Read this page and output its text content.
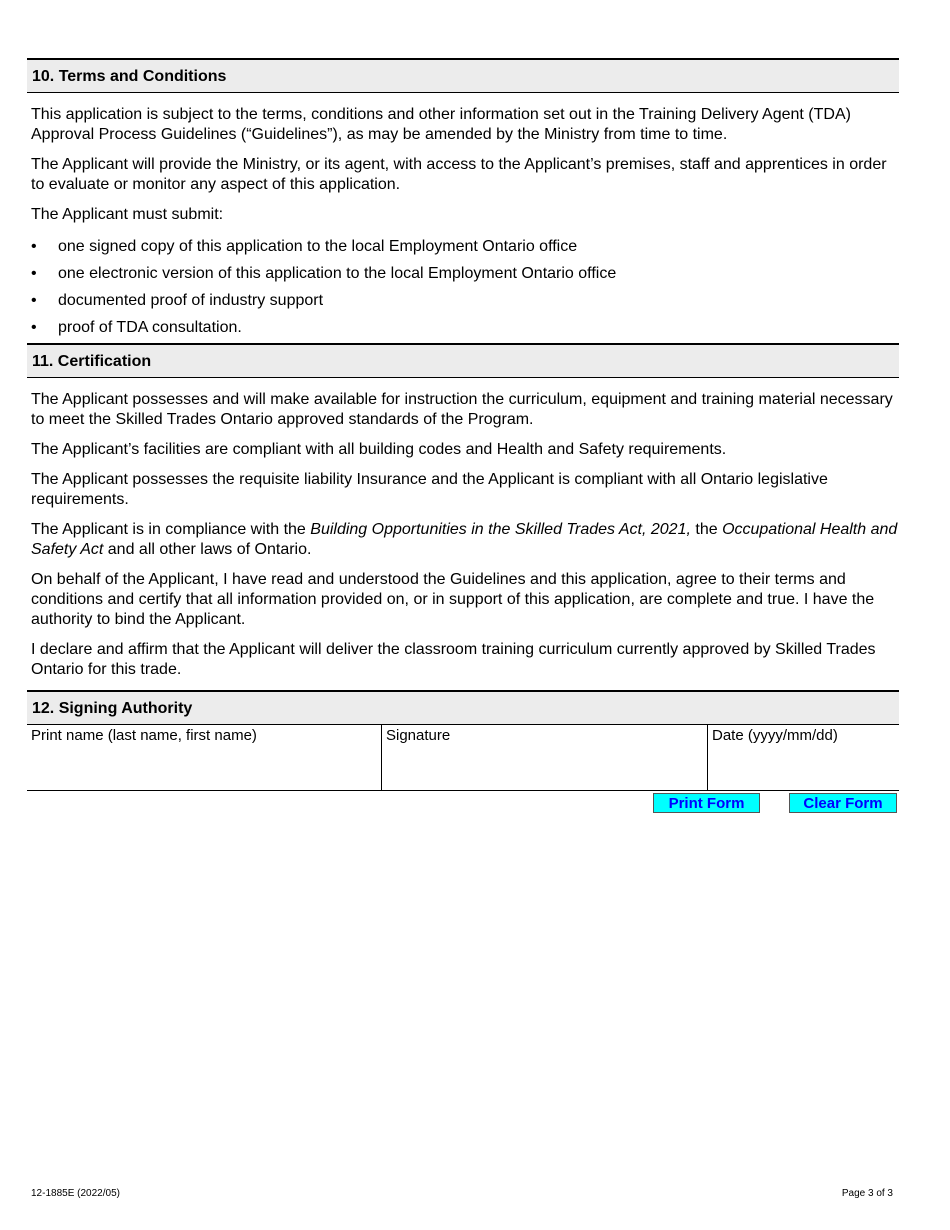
10. Terms and Conditions

This application is subject to the terms, conditions and other information set out in the Training Delivery Agent (TDA) Approval Process Guidelines (“Guidelines”), as may be amended by the Ministry from time to time.

The Applicant will provide the Ministry, or its agent, with access to the Applicant’s premises, staff and apprentices in order to evaluate or monitor any aspect of this application.

The Applicant must submit:

• one signed copy of this application to the local Employment Ontario office
• one electronic version of this application to the local Employment Ontario office
• documented proof of industry support
• proof of TDA consultation.
11. Certification

The Applicant possesses and will make available for instruction the curriculum, equipment and training material necessary to meet the Skilled Trades Ontario approved standards of the Program.

The Applicant’s facilities are compliant with all building codes and Health and Safety requirements.

The Applicant possesses the requisite liability Insurance and the Applicant is compliant with all Ontario legislative requirements.

The Applicant is in compliance with the Building Opportunities in the Skilled Trades Act, 2021, the Occupational Health and Safety Act and all other laws of Ontario.

On behalf of the Applicant, I have read and understood the Guidelines and this application, agree to their terms and conditions and certify that all information provided on, or in support of this application, are complete and true. I have the authority to bind the Applicant.

I declare and affirm that the Applicant will deliver the classroom training curriculum currently approved by Skilled Trades Ontario for this trade.

12. Signing Authority
Print name (last name, first name)	Signature	Date (yyyy/mm/dd)
Print Form	Clear Form
12-1885E (2022/05)	Page 3 of 3
